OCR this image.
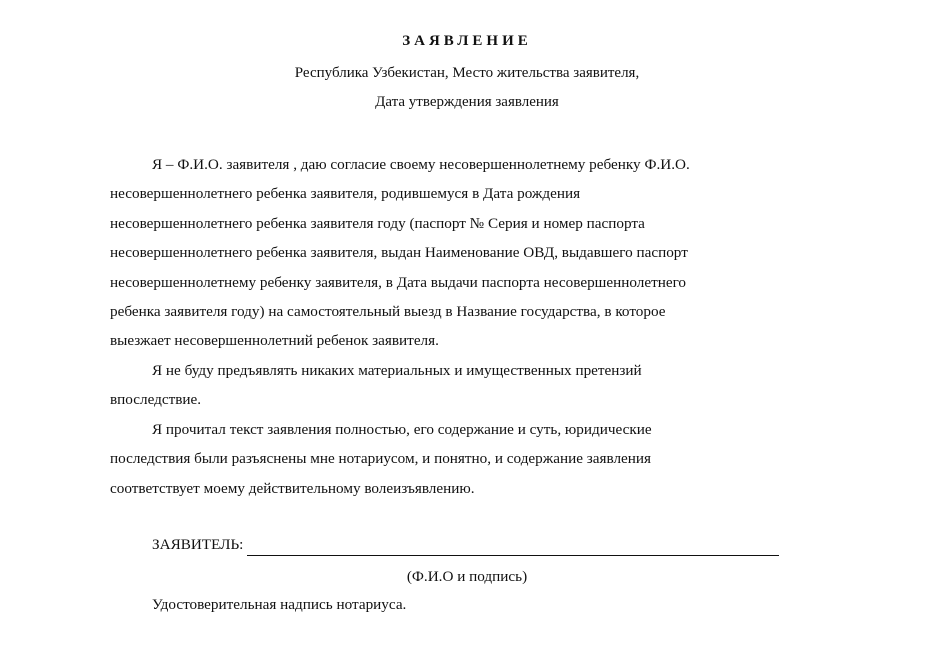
ЗАЯВЛЕНИЕ
Республика Узбекистан, Место жительства заявителя,
Дата утверждения заявления

Я – Ф.И.О. заявителя , даю согласие своему несовершеннолетнему ребенку Ф.И.О.
несовершеннолетнего ребенка заявителя, родившемуся в Дата рождения
несовершеннолетнего ребенка заявителя году (паспорт № Серия и номер паспорта
несовершеннолетнего ребенка заявителя, выдан Наименование ОВД, выдавшего паспорт
несовершеннолетнему ребенку заявителя, в Дата выдачи паспорта несовершеннолетнего
ребенка заявителя году) на самостоятельный выезд в Название государства, в которое
выезжает несовершеннолетний ребенок заявителя.

Я не буду предъявлять никаких материальных и имущественных претензий
впоследствие.

Я прочитал текст заявления полностью, его содержание и суть, юридические
последствия были разъяснены мне нотариусом, и понятно, и содержание заявления
соответствует моему действительному волеизъявлению.

ЗАЯВИТЕЛЬ:
(Ф.И.О и подпись)
Удостоверительная надпись нотариуса.
